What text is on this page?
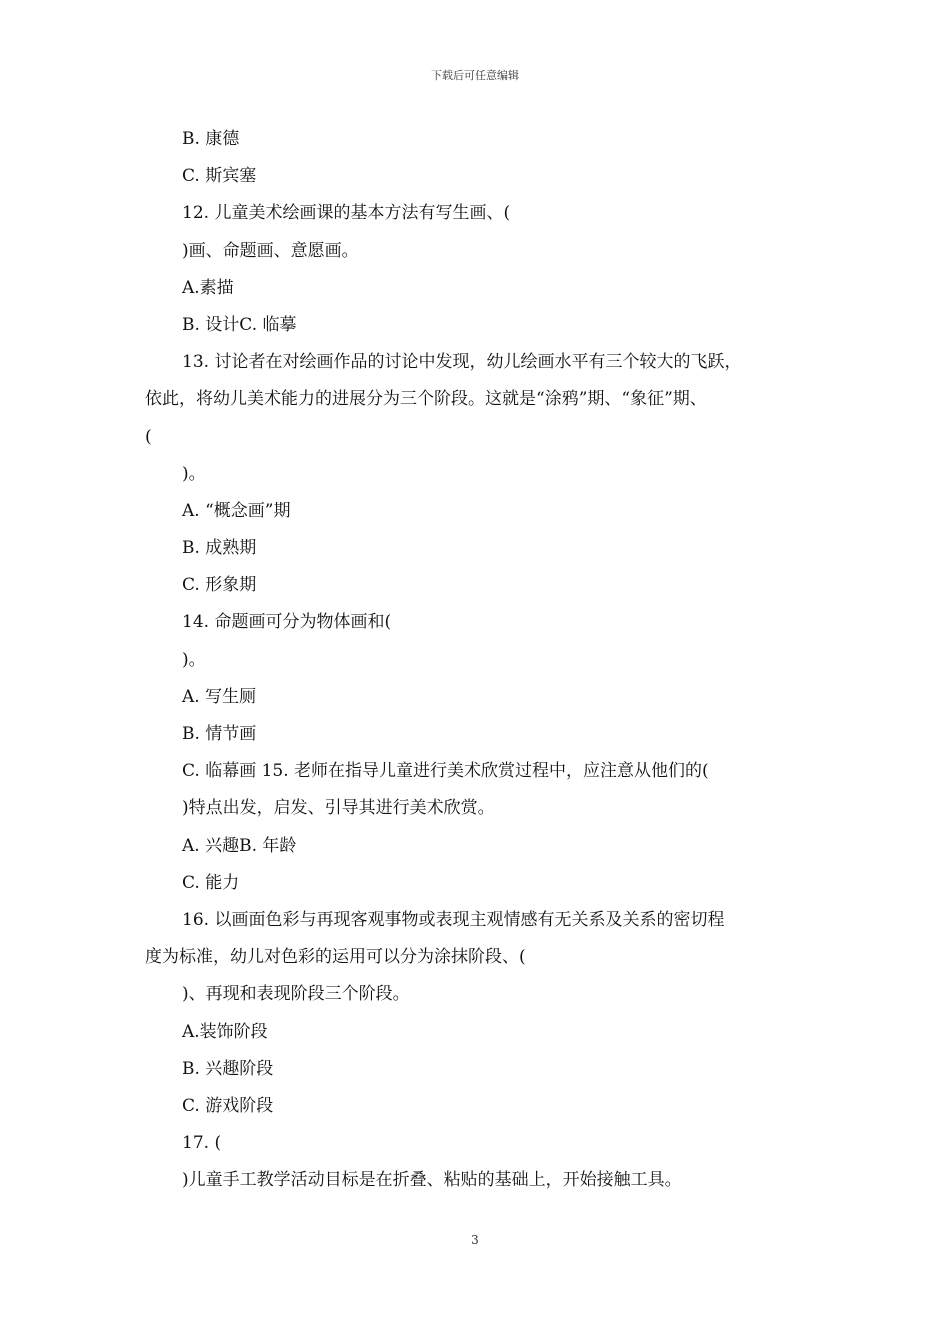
下载后可任意编辑
B. 康德
C. 斯宾塞
12. 儿童美术绘画课的基本方法有写生画、(
)画、命题画、意愿画。
A.素描
B. 设计C. 临摹
13. 讨论者在对绘画作品的讨论中发现，幼儿绘画水平有三个较大的飞跃，
依此，将幼儿美术能力的进展分为三个阶段。这就是“涂鸦”期、“象征”期、
(
)。
A. “概念画”期
B. 成熟期
C. 形象期
14. 命题画可分为物体画和(
)。
A. 写生厕
B. 情节画
C. 临幕画 15. 老师在指导儿童进行美术欣赏过程中，应注意从他们的(
)特点出发，启发、引导其进行美术欣赏。
A. 兴趣B. 年龄
C. 能力
16. 以画面色彩与再现客观事物或表现主观情感有无关系及关系的密切程
度为标准，幼儿对色彩的运用可以分为涂抹阶段、(
)、再现和表现阶段三个阶段。
A.装饰阶段
B. 兴趣阶段
C. 游戏阶段
17. (
)儿童手工教学活动目标是在折叠、粘贴的基础上，开始接触工具。
3
